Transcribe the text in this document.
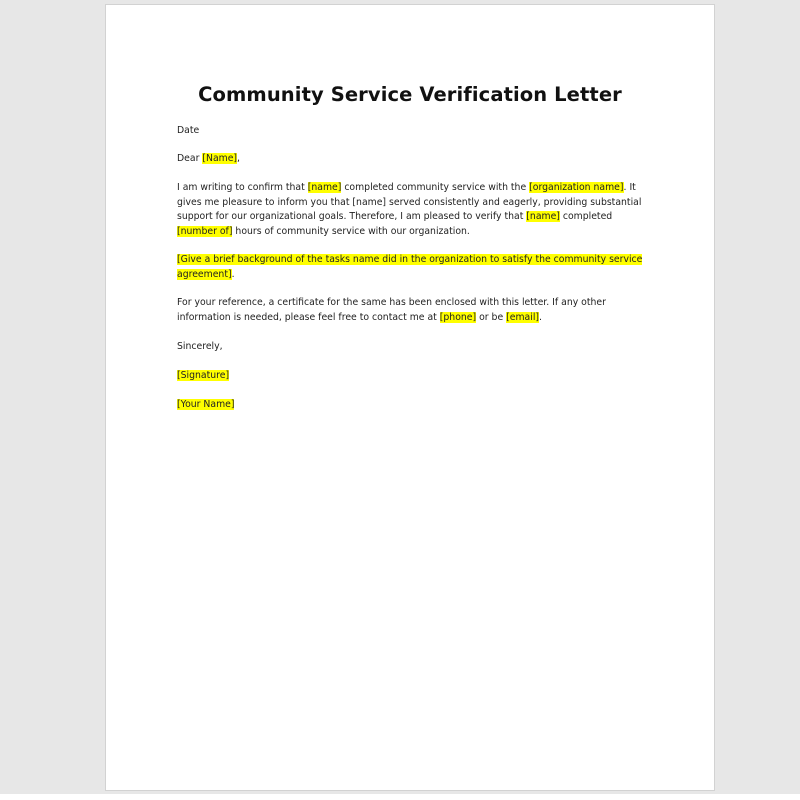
Community Service Verification Letter

Date

Dear [Name],

I am writing to confirm that [name] completed community service with the [organization name]. It gives me pleasure to inform you that [name] served consistently and eagerly, providing substantial support for our organizational goals. Therefore, I am pleased to verify that [name] completed [number of] hours of community service with our organization.

[Give a brief background of the tasks name did in the organization to satisfy the community service agreement].

For your reference, a certificate for the same has been enclosed with this letter. If any other information is needed, please feel free to contact me at [phone] or be [email].

Sincerely,

[Signature]

[Your Name]
